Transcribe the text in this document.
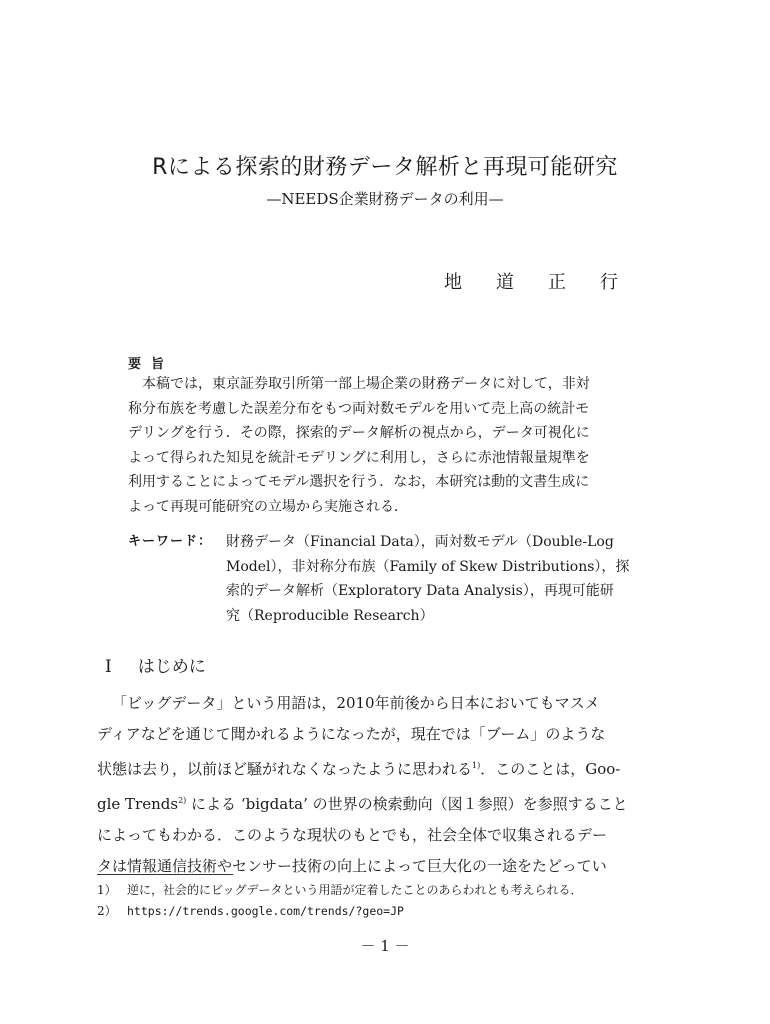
Rによる探索的財務データ解析と再現可能研究
—NEEDS企業財務データの利用—
地道正行
要旨
本稿では，東京証券取引所第一部上場企業の財務データに対して，非対
称分布族を考慮した誤差分布をもつ両対数モデルを用いて売上高の統計モ
デリングを行う．その際，探索的データ解析の視点から，データ可視化に
よって得られた知見を統計モデリングに利用し，さらに赤池情報量規準を
利用することによってモデル選択を行う．なお，本研究は動的文書生成に
よって再現可能研究の立場から実施される．
キーワード： 財務データ（Financial Data），両対数モデル（Double-Log
Model），非対称分布族（Family of Skew Distributions），探
索的データ解析（Exploratory Data Analysis），再現可能研
究（Reproducible Research）
I はじめに
「ビッグデータ」という用語は，2010年前後から日本においてもマスメ
ディアなどを通じて聞かれるようになったが，現在では「ブーム」のような
状態は去り，以前ほど騒がれなくなったように思われる$^{1)}$．このことは，Goo-
gle Trends$^{2)}$ による ‘bigdata’ の世界の検索動向（図１参照）を参照すること
によってもわかる．このような現状のもとでも，社会全体で収集されるデー
タは情報通信技術やセンサー技術の向上によって巨大化の一途をたどってい
1） 逆に，社会的にビッグデータという用語が定着したことのあらわれとも考えられる．
2） https://trends.google.com/trends/?geo=JP
－ 1 －
